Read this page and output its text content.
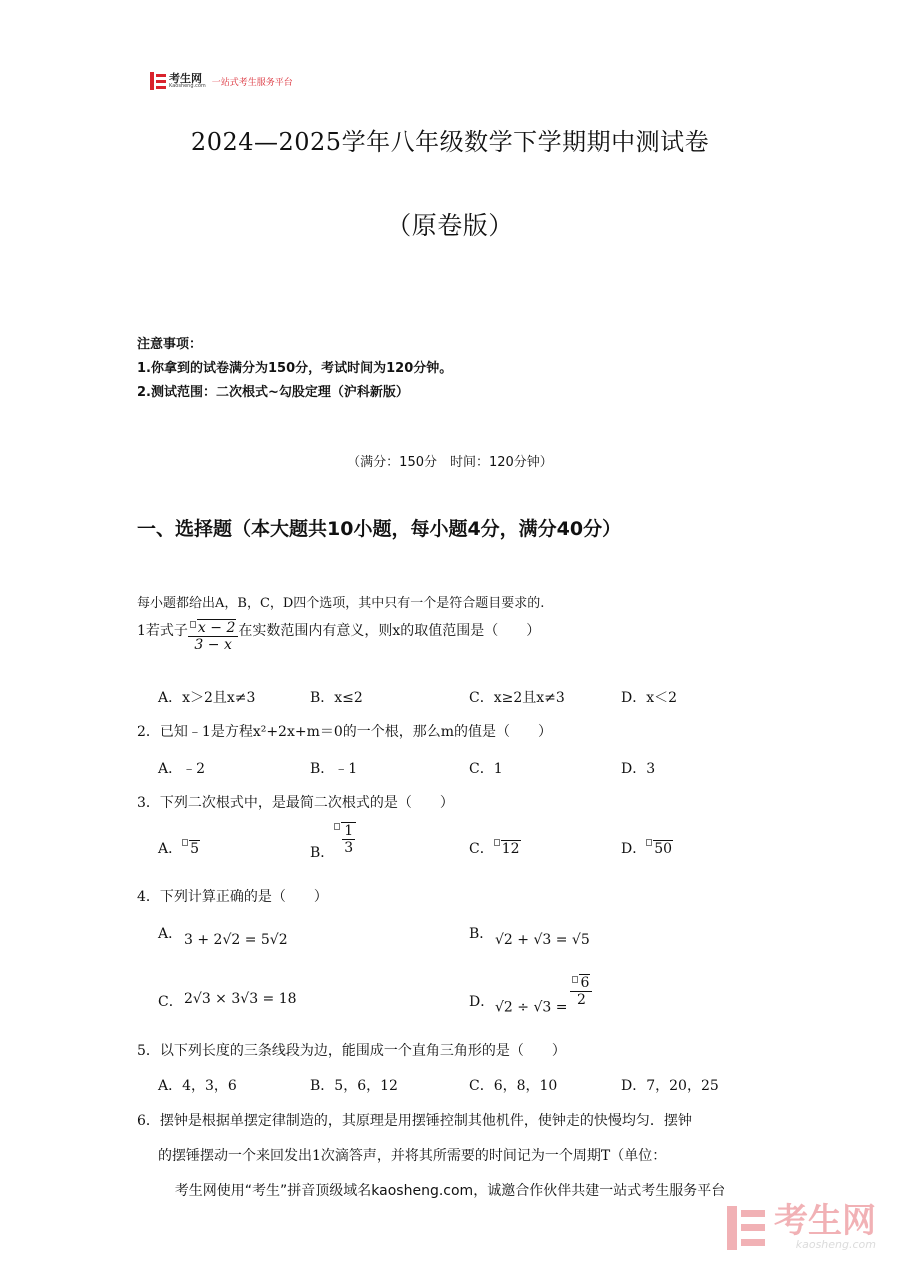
考生网
Kaosheng.com 一站式考生服务平台
2024—2025学年八年级数学下学期期中测试卷
（原卷版）
注意事项：
1.你拿到的试卷满分为150分，考试时间为120分钟。
2.测试范围：二次根式~勾股定理（沪科新版）
（满分：150分　时间：120分钟）
一、选择题（本大题共10小题，每小题4分，满分40分）
每小题都给出A，B，C，D四个选项，其中只有一个是符合题目要求的.
1若式子 $\frac{x - 2}{3 - x}$ 在实数范围内有意义，则x的取值范围是（　　）
A．x＞2且x≠3	B．x≤2	C．x≥2且x≠3	D．x＜2
2．已知﹣1是方程x²+2x+m＝0的一个根，那么m的值是（　　）
A．﹣2	B．﹣1	C．1	D．3
3．下列二次根式中，是最简二次根式的是（　　）
A． 5	B． $\frac{1}{3}$	C． 12	D． 50
4．下列计算正确的是（　　）
A． 3 + 2√2 = 5√2	B． √2 + √3 = √5
C． 2√3 × 3√3 = 18	D． $√2 \div √3 = \frac{6}{2}$
5．以下列长度的三条线段为边，能围成一个直角三角形的是（　　）
A．4，3，6	B．5，6，12	C．6，8，10	D．7，20，25
6．摆钟是根据单摆定律制造的，其原理是用摆锤控制其他机件，使钟走的快慢均匀．摆钟
的摆锤摆动一个来回发出1次滴答声，并将其所需要的时间记为一个周期T（单位：
考生网使用“考生”拼音顶级域名kaosheng.com，诚邀合作伙伴共建一站式考生服务平台
考生网
kaosheng.com
